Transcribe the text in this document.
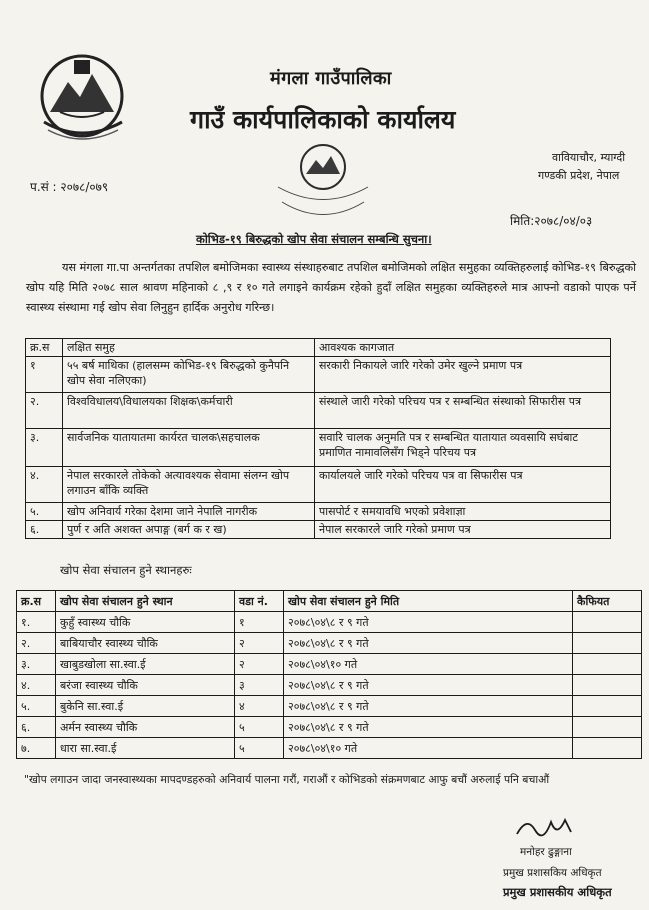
मंगला गाउँपालिका
गाउँ कार्यपालिकाको कार्यालय
वावियाचौर, म्याग्दी
गण्डकी प्रदेश, नेपाल
प.सं : २०७८/०७९
मिति:२०७८/०४/०३
कोभिड-१९ बिरुद्धको खोप सेवा संचालन सम्बन्धि सुचना।
यस मंगला गा.पा अन्तर्गतका तपशिल बमोजिमका स्वास्थ्य संस्थाहरुबाट तपशिल बमोजिमको लक्षित समुहका व्यक्तिहरुलाई कोभिड-१९ बिरुद्धको खोप यहि मिति २०७८ साल श्रावण महिनाको ८ ,९ र १० गते लगाइने कार्यक्रम रहेको हुदाँ लक्षित समुहका व्यक्तिहरुले मात्र आफ्नो वडाको पाएक पर्ने स्वास्थ्य संस्थामा गई खोप सेवा लिनुहुन हार्दिक अनुरोध गरिन्छ।
क्र.स	लक्षित समुह	आवश्यक कागजात
१	५५ बर्ष माथिका (हालसम्म कोभिड-१९ बिरुद्धको कुनैपनि खोप सेवा नलिएका)	सरकारी निकायले जारि गरेको उमेर खुल्ने प्रमाण पत्र
२.	विश्वविधालय\विधालयका शिक्षक\कर्मचारी	संस्थाले जारी गरेको परिचय पत्र र सम्बन्धित संस्थाको सिफारीस पत्र
३.	सार्वजनिक यातायातमा कार्यरत चालक\सहचालक	सवारि चालक अनुमति पत्र र सम्बन्धित यातायात व्यवसायि सघंबाट प्रमाणित नामावलिसँग भिड्ने परिचय पत्र
४.	नेपाल सरकारले तोकेको अत्यावश्यक सेवामा संलग्न खोप लगाउन बाँकि व्यक्ति	कार्यालयले जारि गरेको परिचय पत्र वा सिफारीस पत्र
५.	खोप अनिवार्य गरेका देशमा जाने नेपालि नागरीक	पासपोर्ट र समयावधि भएको प्रवेशाज्ञा
६.	पुर्ण र अति अशक्त अपाङ्ग (बर्ग क र ख)	नेपाल सरकारले जारि गरेको प्रमाण पत्र
खोप सेवा संचालन हुने स्थानहरुः
क्र.स	खोप सेवा संचालन हुने स्थान	वडा नं.	खोप सेवा संचालन हुने मिति	कैफियत
१.	कुहुँ स्वास्थ्य चौकि	१	२०७८\०४\८ र ९ गते	
२.	बाबियाचौर स्वास्थ्य चौकि	२	२०७८\०४\८ र ९ गते	
३.	खाबुडखोला सा.स्वा.ई	२	२०७८\०४\१० गते	
४.	बरंजा स्वास्थ्य चौकि	३	२०७८\०४\८ र ९ गते	
५.	बुकेनि सा.स्वा.ई	४	२०७८\०४\८ र ९ गते	
६.	अर्मन स्वास्थ्य चौकि	५	२०७८\०४\८ र ९ गते	
७.	धारा सा.स्वा.ई	५	२०७८\०४\१० गते	
"खोप लगाउन जादा जनस्वास्थ्यका मापदण्डहरुको अनिवार्य पालना गरौं, गराऔं र कोभिडको संक्रमणबाट आफु बचौं अरुलाई पनि बचाऔं
मनोहर ढुङ्गाना
प्रमुख प्रशासकिय अधिकृत
प्रमुख प्रशासकीय अधिकृत
